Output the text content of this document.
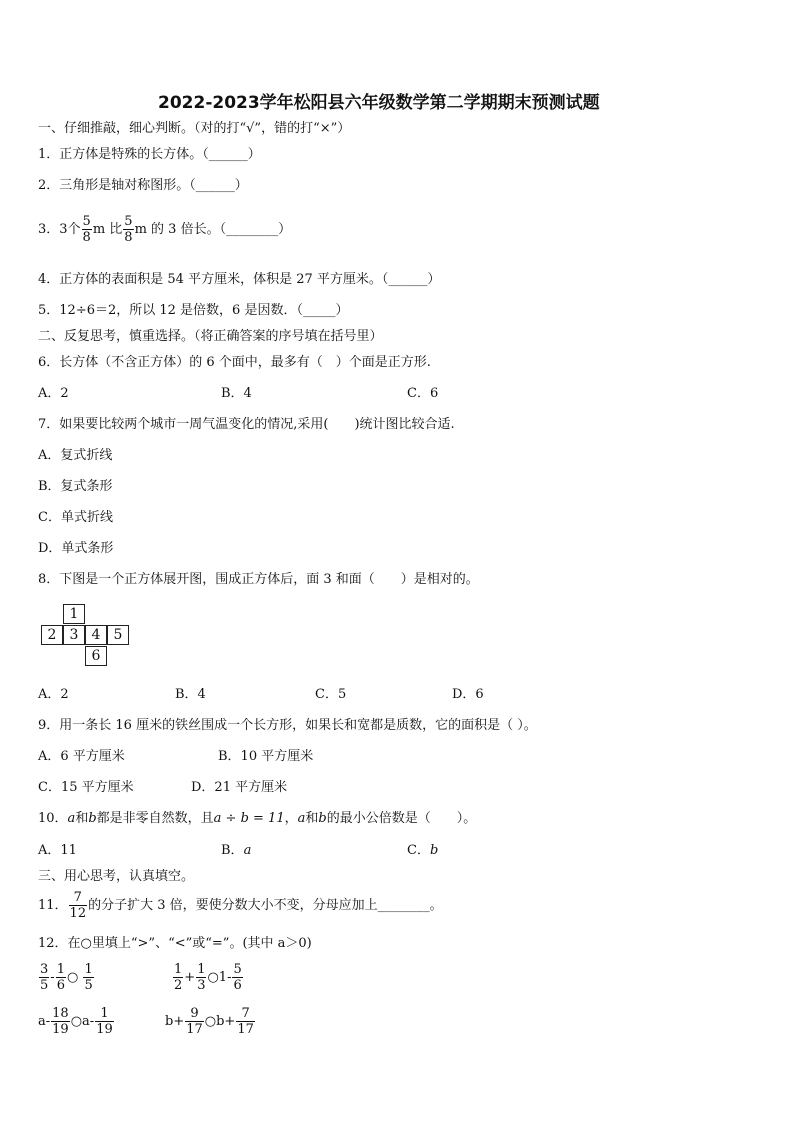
2022-2023学年松阳县六年级数学第二学期期末预测试题
一、仔细推敲，细心判断。（对的打“√”，错的打“×”）
1．正方体是特殊的长方体。（______）
2．三角形是轴对称图形。（______）
3．3个 $\frac{5}{8}$ m 比 $\frac{5}{8}$ m 的 3 倍长。（________）
4．正方体的表面积是 54 平方厘米，体积是 27 平方厘米。（______）
5．12÷6＝2，所以 12 是倍数，6 是因数．（_____）
二、反复思考，慎重选择。（将正确答案的序号填在括号里）
6．长方体（不含正方体）的 6 个面中，最多有（　）个面是正方形.
A．2	B．4	C．6
7．如果要比较两个城市一周气温变化的情况,采用(　　)统计图比较合适.
A．复式折线
B．复式条形
C．单式折线
D．单式条形
8．下图是一个正方体展开图，围成正方体后，面 3 和面（　　）是相对的。
1
2 3 4 5
6
A．2	B．4	C．5	D．6
9．用一条长 16 厘米的铁丝围成一个长方形，如果长和宽都是质数，它的面积是（ ）。
A．6 平方厘米	B．10 平方厘米
C．15 平方厘米	D．21 平方厘米
10．a和b都是非零自然数，且a ÷ b = 11，a和b的最小公倍数是（　　）。
A．11	B．a	C．b
三、用心思考，认真填空。
11． $\frac{7}{12}$ 的分子扩大 3 倍，要使分数大小不变，分母应加上________。
12．在○里填上“>”、“<”或“=”。(其中 a＞0)
$\frac{3}{5} - \frac{1}{6}$ ○ $\frac{1}{5}$	$\frac{1}{2} + \frac{1}{3}$ ○1- $\frac{5}{6}$
$a- \frac{18}{19}$ ○a- $\frac{1}{19}$	$b+ \frac{9}{17}$ ○b+ $\frac{7}{17}$
